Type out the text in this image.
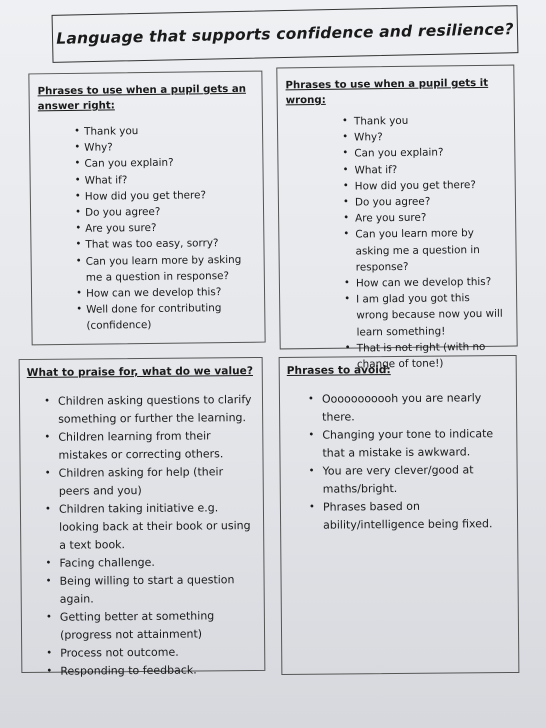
Language that supports confidence and resilience?

Phrases to use when a pupil gets an answer right:

• Thank you
• Why?
• Can you explain?
• What if?
• How did you get there?
• Do you agree?
• Are you sure?
• That was too easy, sorry?
• Can you learn more by asking me a question in response?
• How can we develop this?
• Well done for contributing (confidence)

Phrases to use when a pupil gets it wrong:

• Thank you
• Why?
• Can you explain?
• What if?
• How did you get there?
• Do you agree?
• Are you sure?
• Can you learn more by asking me a question in response?
• How can we develop this?
• I am glad you got this wrong because now you will learn something!
• That is not right (with no change of tone!)

What to praise for, what do we value?

• Children asking questions to clarify something or further the learning.
• Children learning from their mistakes or correcting others.
• Children asking for help (their peers and you)
• Children taking initiative e.g. looking back at their book or using a text book.
• Facing challenge.
• Being willing to start a question again.
• Getting better at something (progress not attainment)
• Process not outcome.
• Responding to feedback.

Phrases to avoid:

• Ooooooooooh you are nearly there.
• Changing your tone to indicate that a mistake is awkward.
• You are very clever/good at maths/bright.
• Phrases based on ability/intelligence being fixed.
